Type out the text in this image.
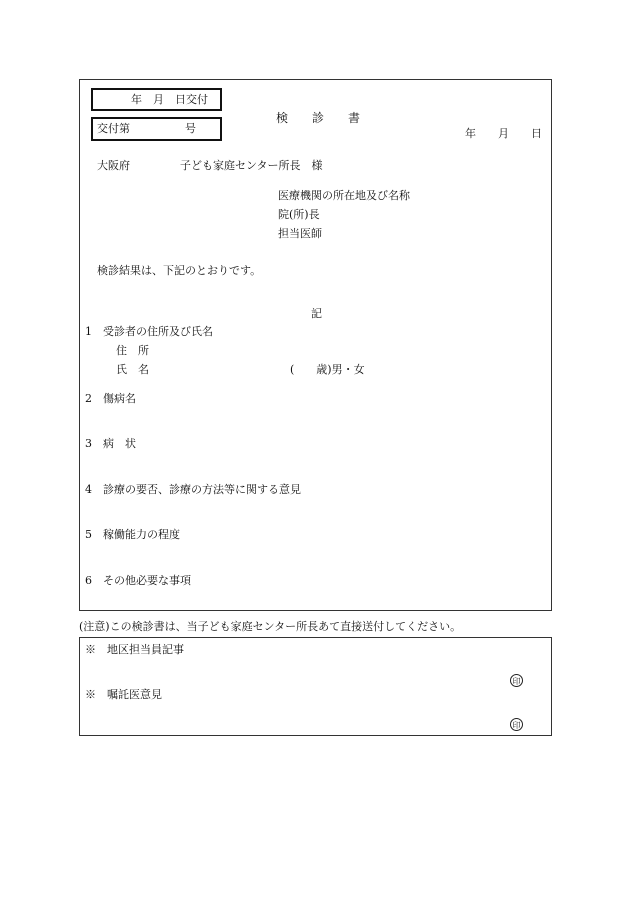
年　月　日交付
交付第　　　　　号
検　　診　　書
年　　月　　日
大阪府	子ども家庭センター所長　様
医療機関の所在地及び名称
院(所)長
担当医師
検診結果は、下記のとおりです。
記
1　受診者の住所及び氏名
住　所
氏　名	(　　歳)男・女
2　傷病名
3　病　状
4　診療の要否、診療の方法等に関する意見
5　稼働能力の程度
6　その他必要な事項
(注意)この検診書は、当子ども家庭センター所長あて直接送付してください。
※　地区担当員記事
印
※　嘱託医意見
印
